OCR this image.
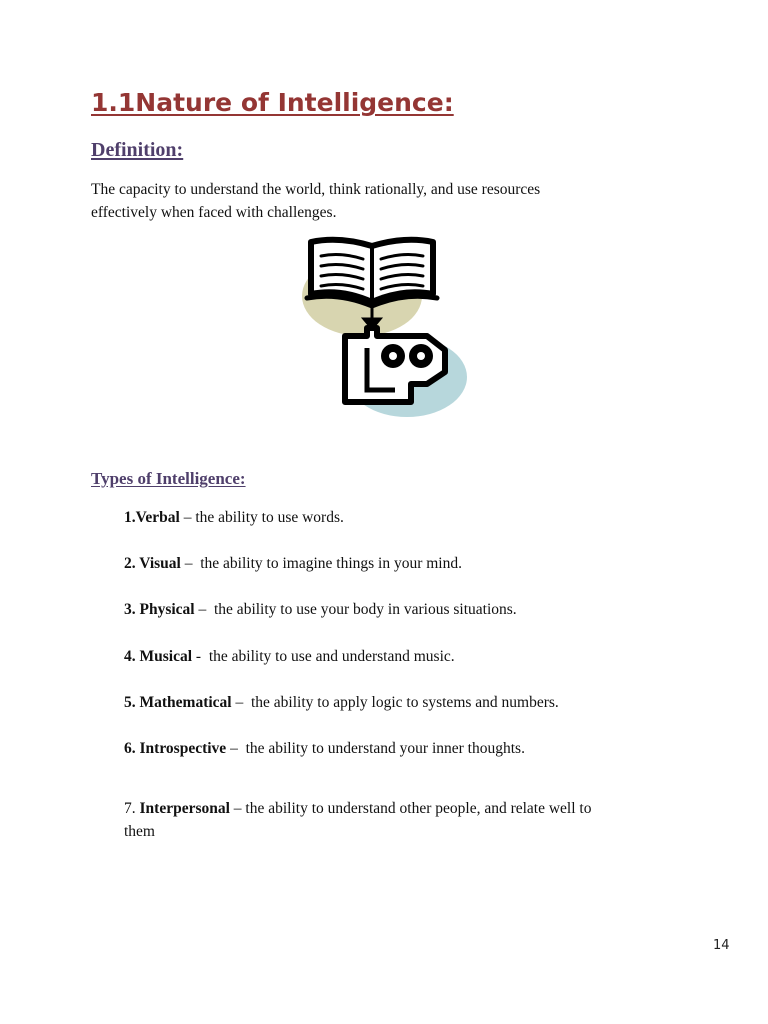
1.1Nature of Intelligence:
Definition:

The capacity to understand the world, think rationally, and use resources
effectively when faced with challenges.

Types of Intelligence:
1.Verbal – the ability to use words.
2. Visual –  the ability to imagine things in your mind.
3. Physical –  the ability to use your body in various situations.
4. Musical -  the ability to use and understand music.
5. Mathematical –  the ability to apply logic to systems and numbers.
6. Introspective –  the ability to understand your inner thoughts.
7. Interpersonal – the ability to understand other people, and relate well to
them
14
